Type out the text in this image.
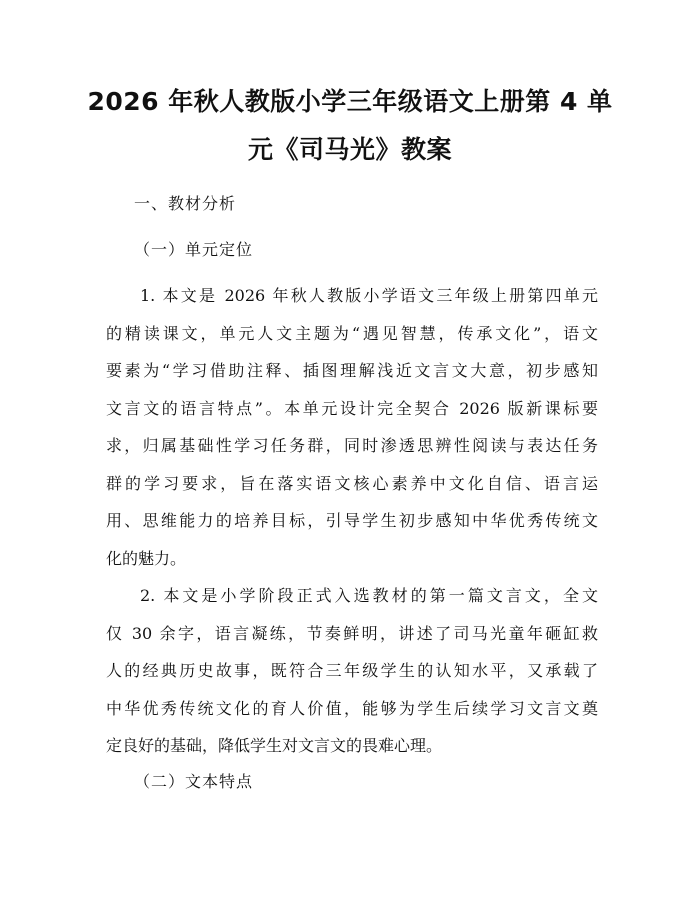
2026 年秋人教版小学三年级语文上册第 4 单
元《司马光》教案
一、教材分析
（一）单元定位
1. 本文是 2026 年秋人教版小学语文三年级上册第四单元
的精读课文，单元人文主题为“遇见智慧，传承文化”，语文
要素为“学习借助注释、插图理解浅近文言文大意，初步感知
文言文的语言特点”。本单元设计完全契合 2026 版新课标要
求，归属基础性学习任务群，同时渗透思辨性阅读与表达任务
群的学习要求，旨在落实语文核心素养中文化自信、语言运
用、思维能力的培养目标，引导学生初步感知中华优秀传统文
化的魅力。
2. 本文是小学阶段正式入选教材的第一篇文言文，全文
仅 30 余字，语言凝练，节奏鲜明，讲述了司马光童年砸缸救
人的经典历史故事，既符合三年级学生的认知水平，又承载了
中华优秀传统文化的育人价值，能够为学生后续学习文言文奠
定良好的基础，降低学生对文言文的畏难心理。
（二）文本特点
